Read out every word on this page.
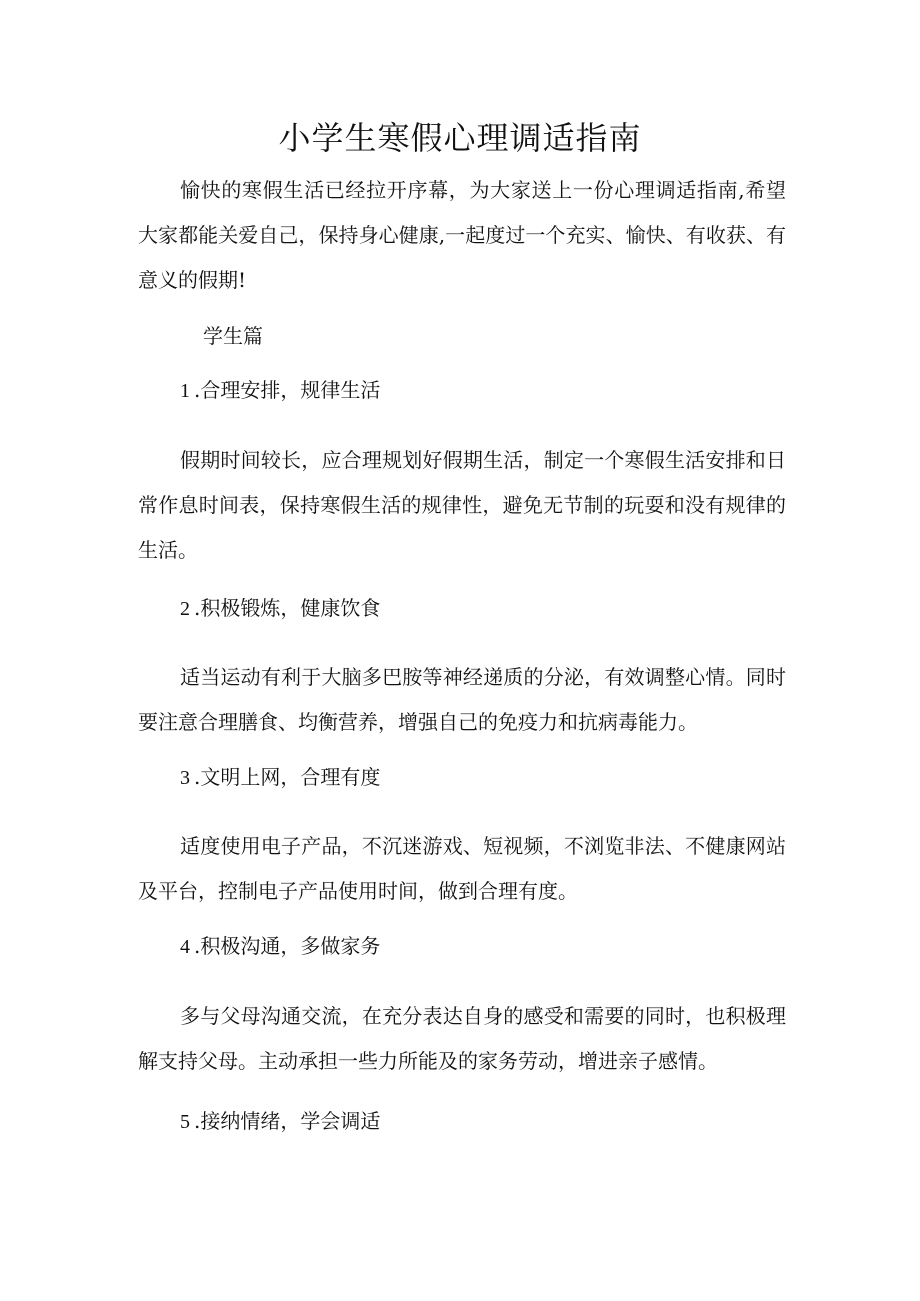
小学生寒假心理调适指南

愉快的寒假生活已经拉开序幕，为大家送上一份心理调适指南,希望大家都能关爱自己，保持身心健康,一起度过一个充实、愉快、有收获、有意义的假期!

学生篇

1.合理安排，规律生活

假期时间较长，应合理规划好假期生活，制定一个寒假生活安排和日常作息时间表，保持寒假生活的规律性，避免无节制的玩耍和没有规律的生活。

2.积极锻炼，健康饮食

适当运动有利于大脑多巴胺等神经递质的分泌，有效调整心情。同时要注意合理膳食、均衡营养，增强自己的免疫力和抗病毒能力。

3.文明上网，合理有度

适度使用电子产品，不沉迷游戏、短视频，不浏览非法、不健康网站及平台，控制电子产品使用时间，做到合理有度。

4.积极沟通，多做家务

多与父母沟通交流，在充分表达自身的感受和需要的同时，也积极理解支持父母。主动承担一些力所能及的家务劳动，增进亲子感情。

5.接纳情绪，学会调适
